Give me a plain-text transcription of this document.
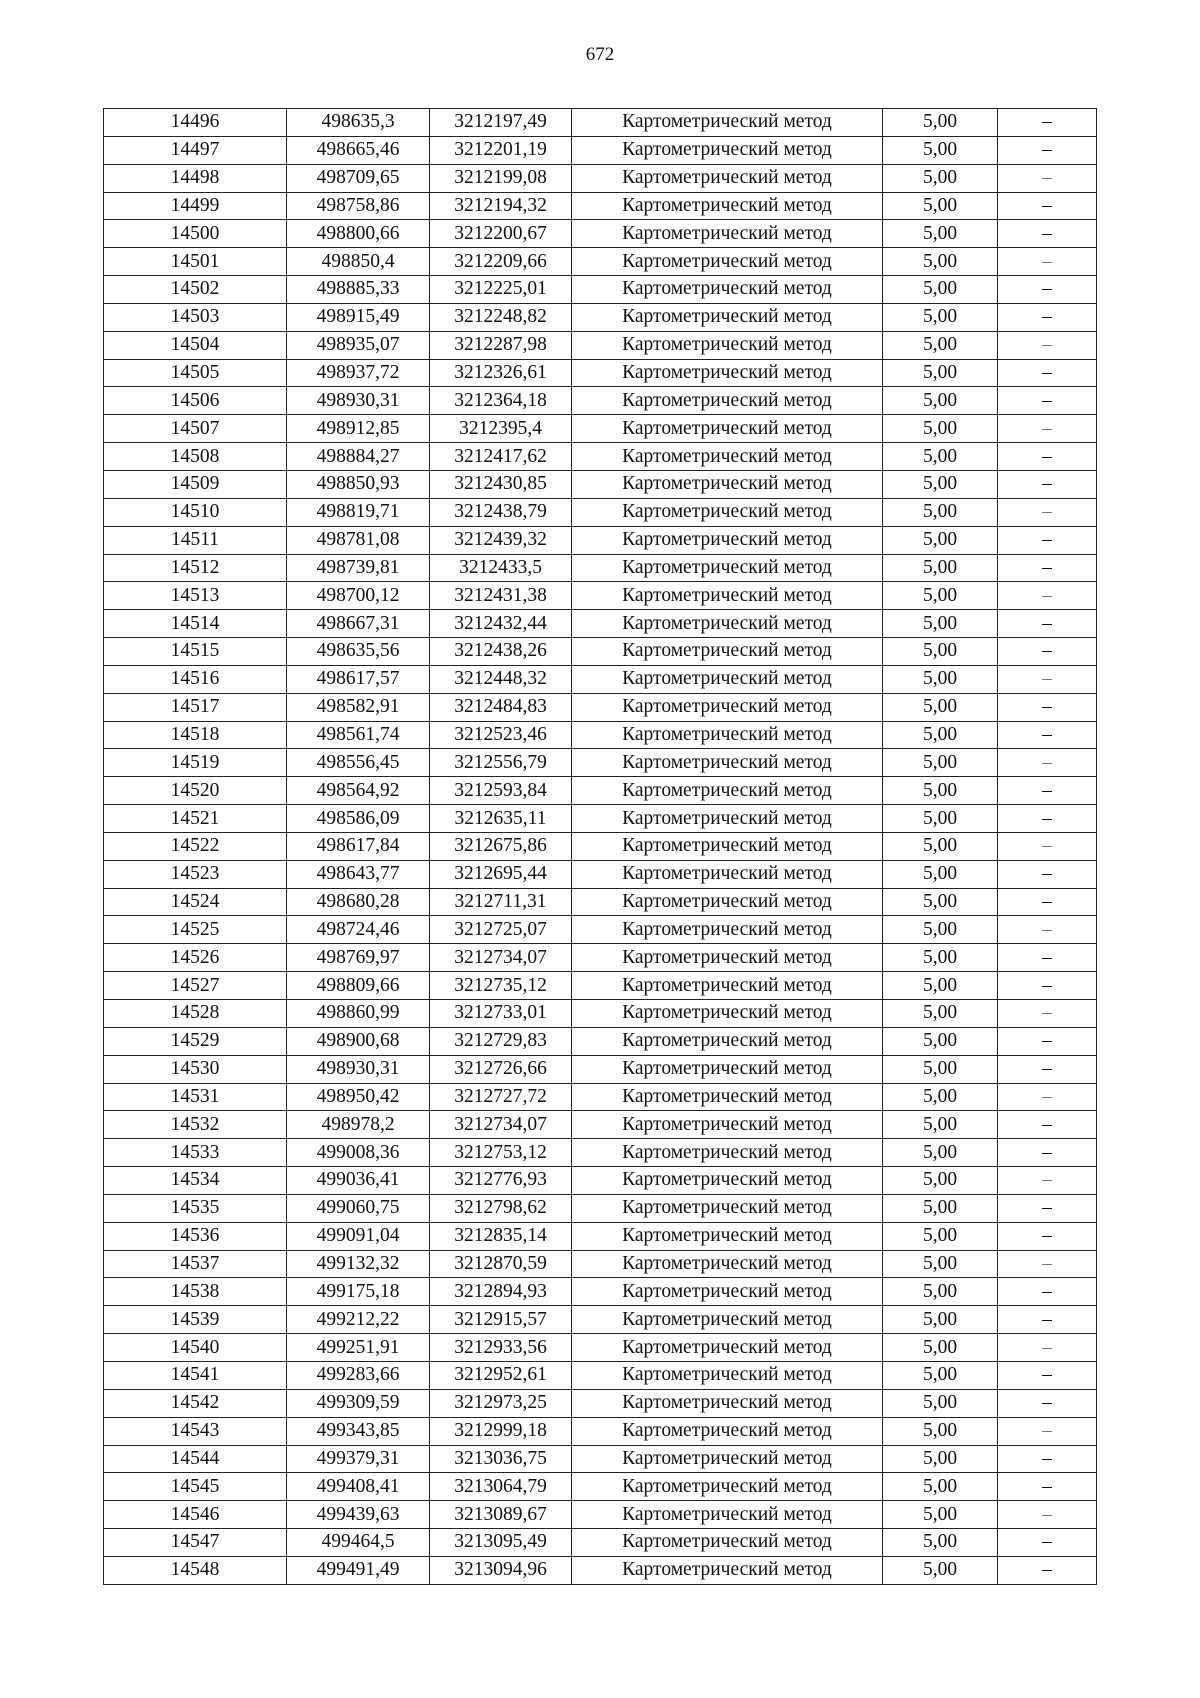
672
14496	498635,3	3212197,49	Картометрический метод	5,00	–
14497	498665,46	3212201,19	Картометрический метод	5,00	–
14498	498709,65	3212199,08	Картометрический метод	5,00	–
14499	498758,86	3212194,32	Картометрический метод	5,00	–
14500	498800,66	3212200,67	Картометрический метод	5,00	–
14501	498850,4	3212209,66	Картометрический метод	5,00	–
14502	498885,33	3212225,01	Картометрический метод	5,00	–
14503	498915,49	3212248,82	Картометрический метод	5,00	–
14504	498935,07	3212287,98	Картометрический метод	5,00	–
14505	498937,72	3212326,61	Картометрический метод	5,00	–
14506	498930,31	3212364,18	Картометрический метод	5,00	–
14507	498912,85	3212395,4	Картометрический метод	5,00	–
14508	498884,27	3212417,62	Картометрический метод	5,00	–
14509	498850,93	3212430,85	Картометрический метод	5,00	–
14510	498819,71	3212438,79	Картометрический метод	5,00	–
14511	498781,08	3212439,32	Картометрический метод	5,00	–
14512	498739,81	3212433,5	Картометрический метод	5,00	–
14513	498700,12	3212431,38	Картометрический метод	5,00	–
14514	498667,31	3212432,44	Картометрический метод	5,00	–
14515	498635,56	3212438,26	Картометрический метод	5,00	–
14516	498617,57	3212448,32	Картометрический метод	5,00	–
14517	498582,91	3212484,83	Картометрический метод	5,00	–
14518	498561,74	3212523,46	Картометрический метод	5,00	–
14519	498556,45	3212556,79	Картометрический метод	5,00	–
14520	498564,92	3212593,84	Картометрический метод	5,00	–
14521	498586,09	3212635,11	Картометрический метод	5,00	–
14522	498617,84	3212675,86	Картометрический метод	5,00	–
14523	498643,77	3212695,44	Картометрический метод	5,00	–
14524	498680,28	3212711,31	Картометрический метод	5,00	–
14525	498724,46	3212725,07	Картометрический метод	5,00	–
14526	498769,97	3212734,07	Картометрический метод	5,00	–
14527	498809,66	3212735,12	Картометрический метод	5,00	–
14528	498860,99	3212733,01	Картометрический метод	5,00	–
14529	498900,68	3212729,83	Картометрический метод	5,00	–
14530	498930,31	3212726,66	Картометрический метод	5,00	–
14531	498950,42	3212727,72	Картометрический метод	5,00	–
14532	498978,2	3212734,07	Картометрический метод	5,00	–
14533	499008,36	3212753,12	Картометрический метод	5,00	–
14534	499036,41	3212776,93	Картометрический метод	5,00	–
14535	499060,75	3212798,62	Картометрический метод	5,00	–
14536	499091,04	3212835,14	Картометрический метод	5,00	–
14537	499132,32	3212870,59	Картометрический метод	5,00	–
14538	499175,18	3212894,93	Картометрический метод	5,00	–
14539	499212,22	3212915,57	Картометрический метод	5,00	–
14540	499251,91	3212933,56	Картометрический метод	5,00	–
14541	499283,66	3212952,61	Картометрический метод	5,00	–
14542	499309,59	3212973,25	Картометрический метод	5,00	–
14543	499343,85	3212999,18	Картометрический метод	5,00	–
14544	499379,31	3213036,75	Картометрический метод	5,00	–
14545	499408,41	3213064,79	Картометрический метод	5,00	–
14546	499439,63	3213089,67	Картометрический метод	5,00	–
14547	499464,5	3213095,49	Картометрический метод	5,00	–
14548	499491,49	3213094,96	Картометрический метод	5,00	–
